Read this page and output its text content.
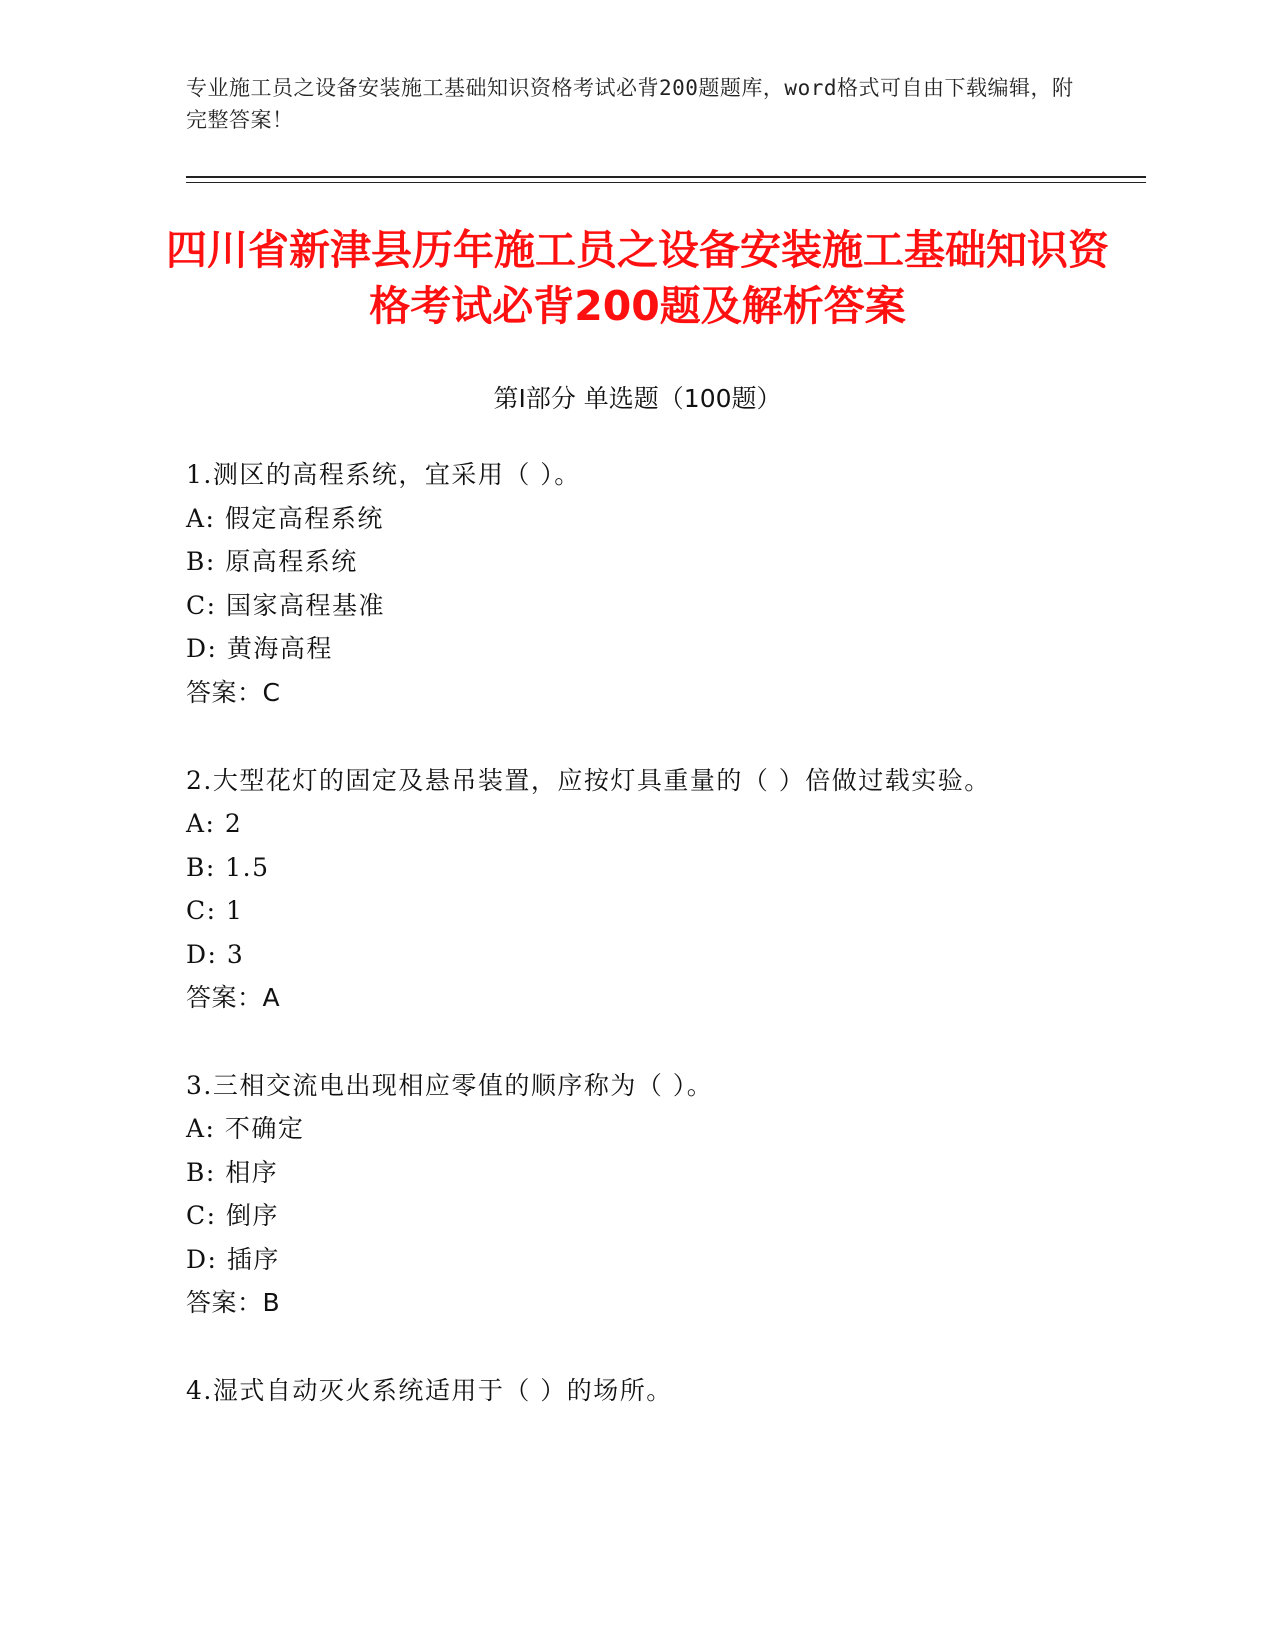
专业施工员之设备安装施工基础知识资格考试必背200题题库，word格式可自由下载编辑，附完整答案！
四川省新津县历年施工员之设备安装施工基础知识资格考试必背200题及解析答案
第Ⅰ部分 单选题（100题）
1.测区的高程系统，宜采用（ ）。
A: 假定高程系统
B: 原高程系统
C: 国家高程基准
D: 黄海高程
答案：C
2.大型花灯的固定及悬吊装置，应按灯具重量的（ ）倍做过载实验。
A: 2
B: 1.5
C: 1
D: 3
答案：A
3.三相交流电出现相应零值的顺序称为（ ）。
A: 不确定
B: 相序
C: 倒序
D: 插序
答案：B
4.湿式自动灭火系统适用于（ ）的场所。
